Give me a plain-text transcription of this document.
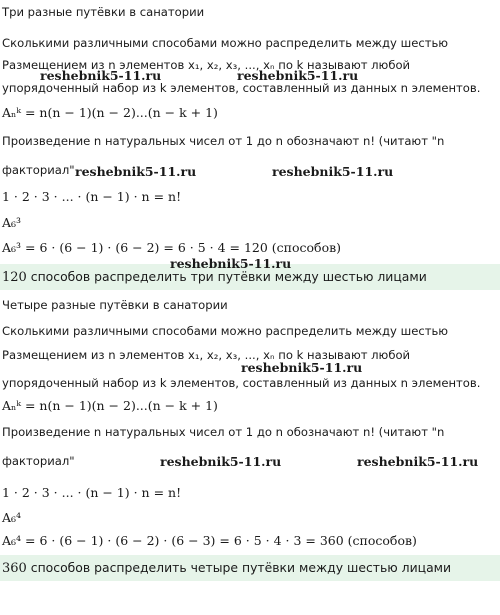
Три разные путёвки в санатории
Сколькими различными способами можно распределить между шестью
Размещением из n элементов x₁, x₂, x₃, ..., xₙ по k называют любой
упорядоченный набор из k элементов, составленный из данных n элементов.
Aₙᵏ = n(n − 1)(n − 2)...(n − k + 1)
Произведение n натуральных чисел от 1 до n обозначают n! (читают "n
факториал"
1 · 2 · 3 · ... · (n − 1) · n = n!
A₆³
A₆³ = 6 · (6 − 1) · (6 − 2) = 6 · 5 · 4 = 120 (способов)
120 способов распределить три путёвки между шестью лицами
Четыре разные путёвки в санатории
Сколькими различными способами можно распределить между шестью
Размещением из n элементов x₁, x₂, x₃, ..., xₙ по k называют любой
упорядоченный набор из k элементов, составленный из данных n элементов.
Aₙᵏ = n(n − 1)(n − 2)...(n − k + 1)
Произведение n натуральных чисел от 1 до n обозначают n! (читают "n
факториал"
1 · 2 · 3 · ... · (n − 1) · n = n!
A₆⁴
A₆⁴ = 6 · (6 − 1) · (6 − 2) · (6 − 3) = 6 · 5 · 4 · 3 = 360 (способов)
360 способов распределить четыре путёвки между шестью лицами
reshebnik5-11.ru	reshebnik5-11.ru
reshebnik5-11.ru	reshebnik5-11.ru
reshebnik5-11.ru
reshebnik5-11.ru
reshebnik5-11.ru	reshebnik5-11.ru
